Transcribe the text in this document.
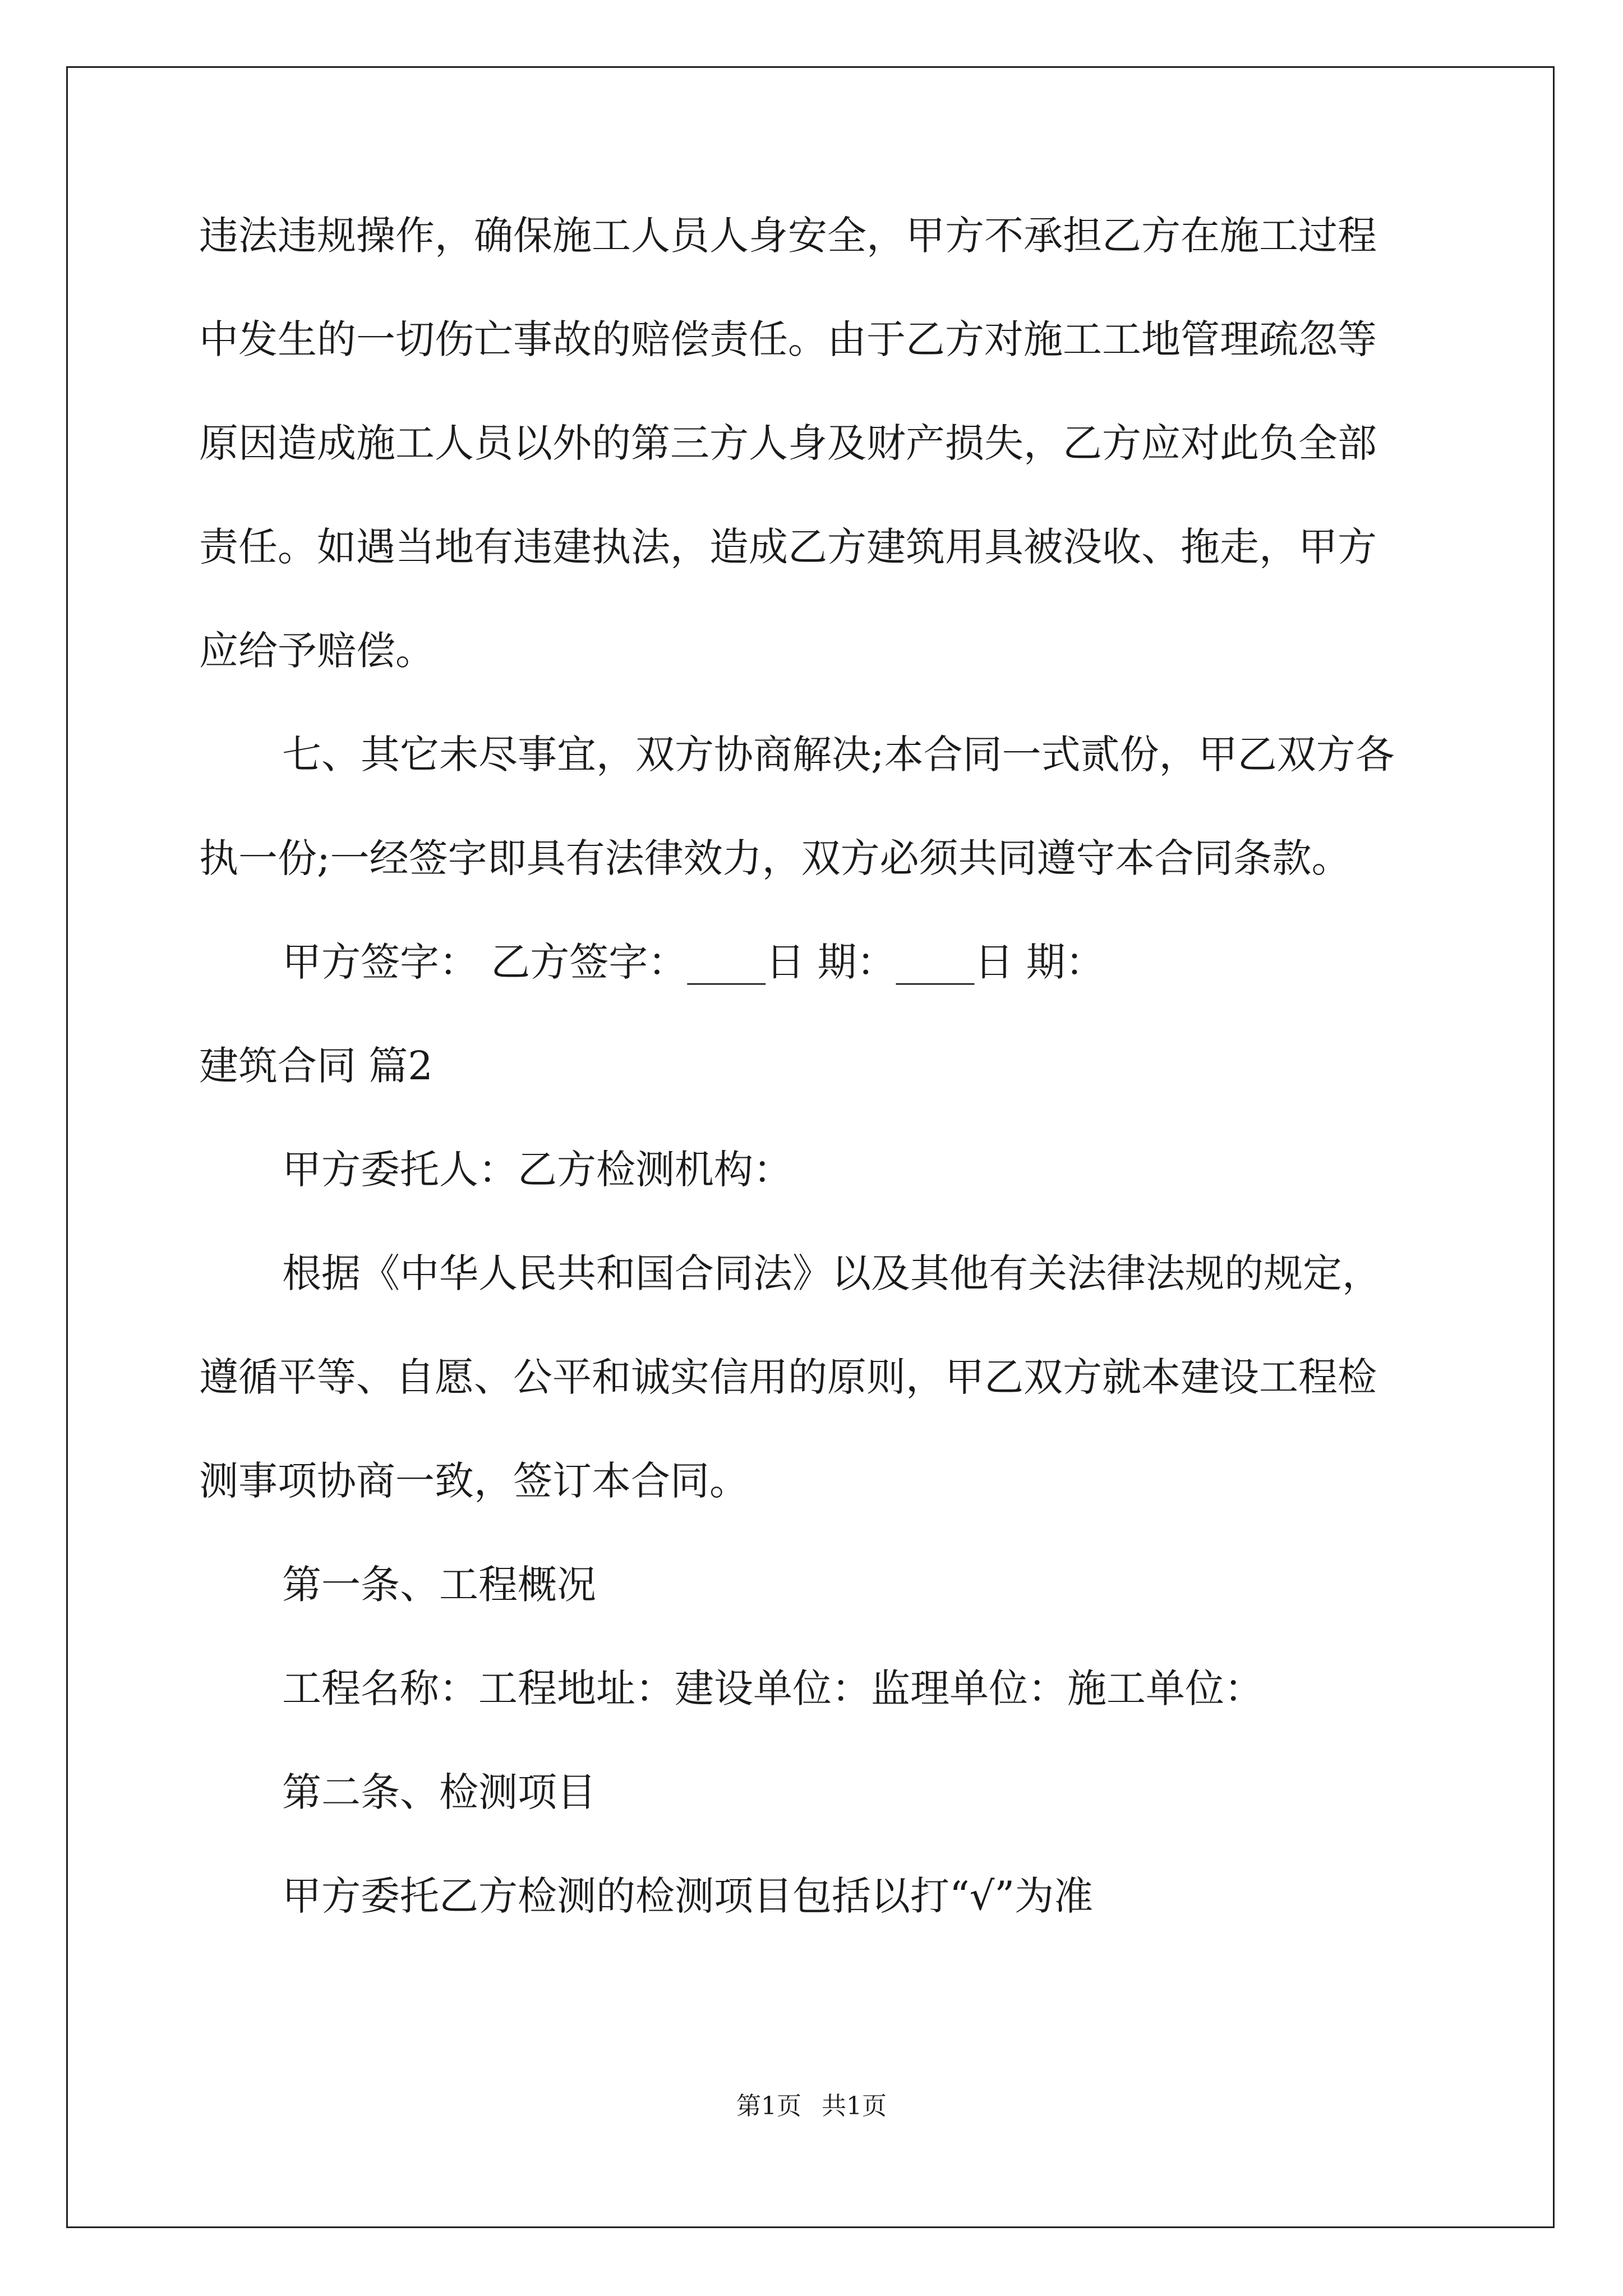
违法违规操作，确保施工人员人身安全，甲方不承担乙方在施工过程
中发生的一切伤亡事故的赔偿责任。由于乙方对施工工地管理疏忽等
原因造成施工人员以外的第三方人身及财产损失，乙方应对此负全部
责任。如遇当地有违建执法，造成乙方建筑用具被没收、拖走，甲方
应给予赔偿。
七、其它未尽事宜，双方协商解决;本合同一式贰份，甲乙双方各
执一份;一经签字即具有法律效力，双方必须共同遵守本合同条款。
甲方签字： 乙方签字：____日 期：____日 期：
建筑合同 篇2
甲方委托人：乙方检测机构：
根据《中华人民共和国合同法》以及其他有关法律法规的规定，
遵循平等、自愿、公平和诚实信用的原则，甲乙双方就本建设工程检
测事项协商一致，签订本合同。
第一条、工程概况
工程名称：工程地址：建设单位：监理单位：施工单位：
第二条、检测项目
甲方委托乙方检测的检测项目包括以打“√”为准
第1页 共1页
